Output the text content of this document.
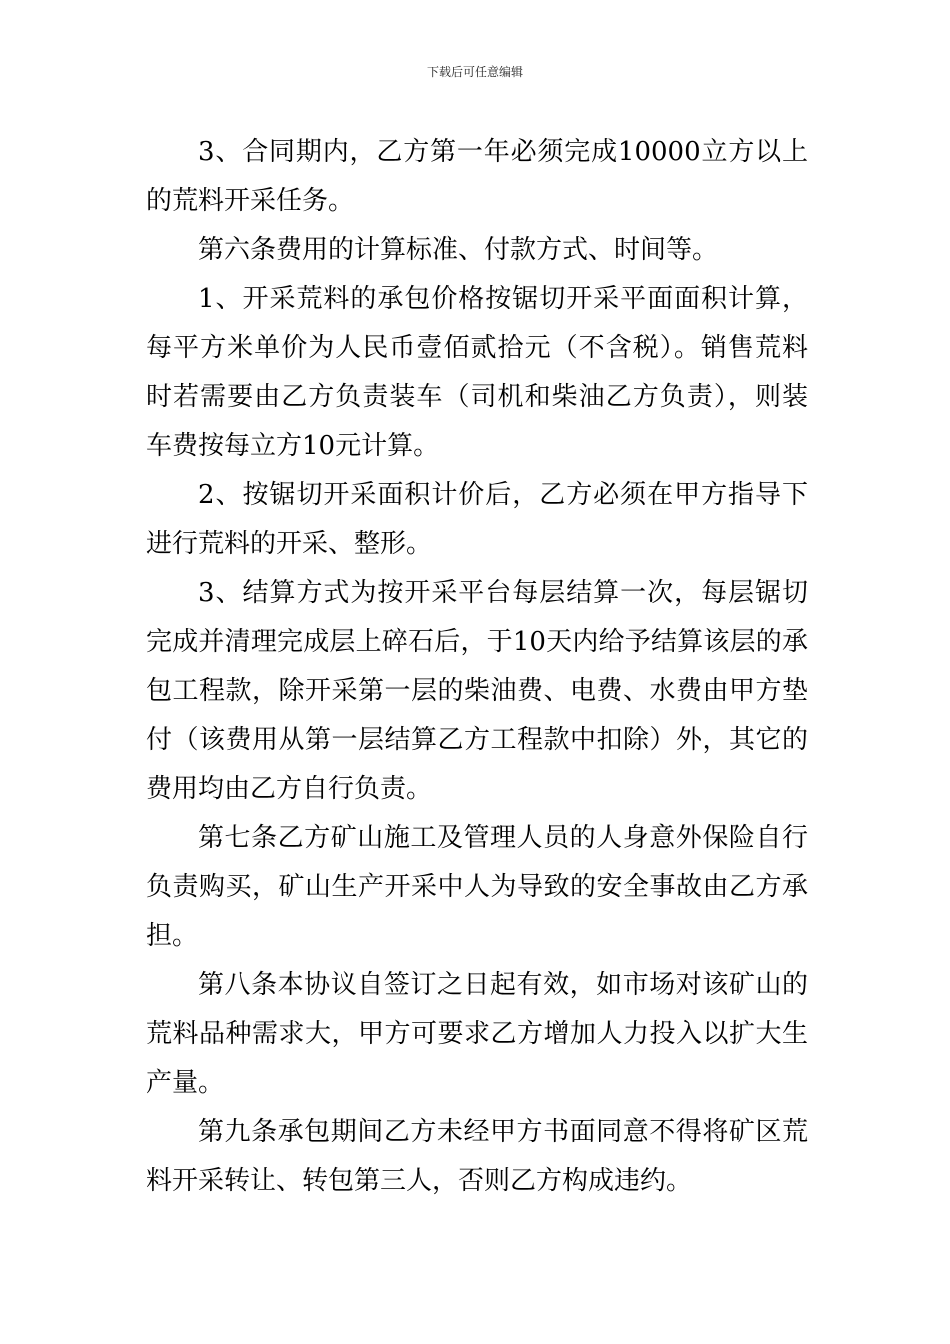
下载后可任意编辑

3、合同期内，乙方第一年必须完成10000立方以上的荒料开采任务。

第六条费用的计算标准、付款方式、时间等。

1、开采荒料的承包价格按锯切开采平面面积计算，每平方米单价为人民币壹佰贰拾元（不含税）。销售荒料时若需要由乙方负责装车（司机和柴油乙方负责），则装车费按每立方10元计算。

2、按锯切开采面积计价后，乙方必须在甲方指导下进行荒料的开采、整形。

3、结算方式为按开采平台每层结算一次，每层锯切完成并清理完成层上碎石后，于10天内给予结算该层的承包工程款，除开采第一层的柴油费、电费、水费由甲方垫付（该费用从第一层结算乙方工程款中扣除）外，其它的费用均由乙方自行负责。

第七条乙方矿山施工及管理人员的人身意外保险自行负责购买，矿山生产开采中人为导致的安全事故由乙方承担。

第八条本协议自签订之日起有效，如市场对该矿山的荒料品种需求大，甲方可要求乙方增加人力投入以扩大生产量。

第九条承包期间乙方未经甲方书面同意不得将矿区荒料开采转让、转包第三人，否则乙方构成违约。
